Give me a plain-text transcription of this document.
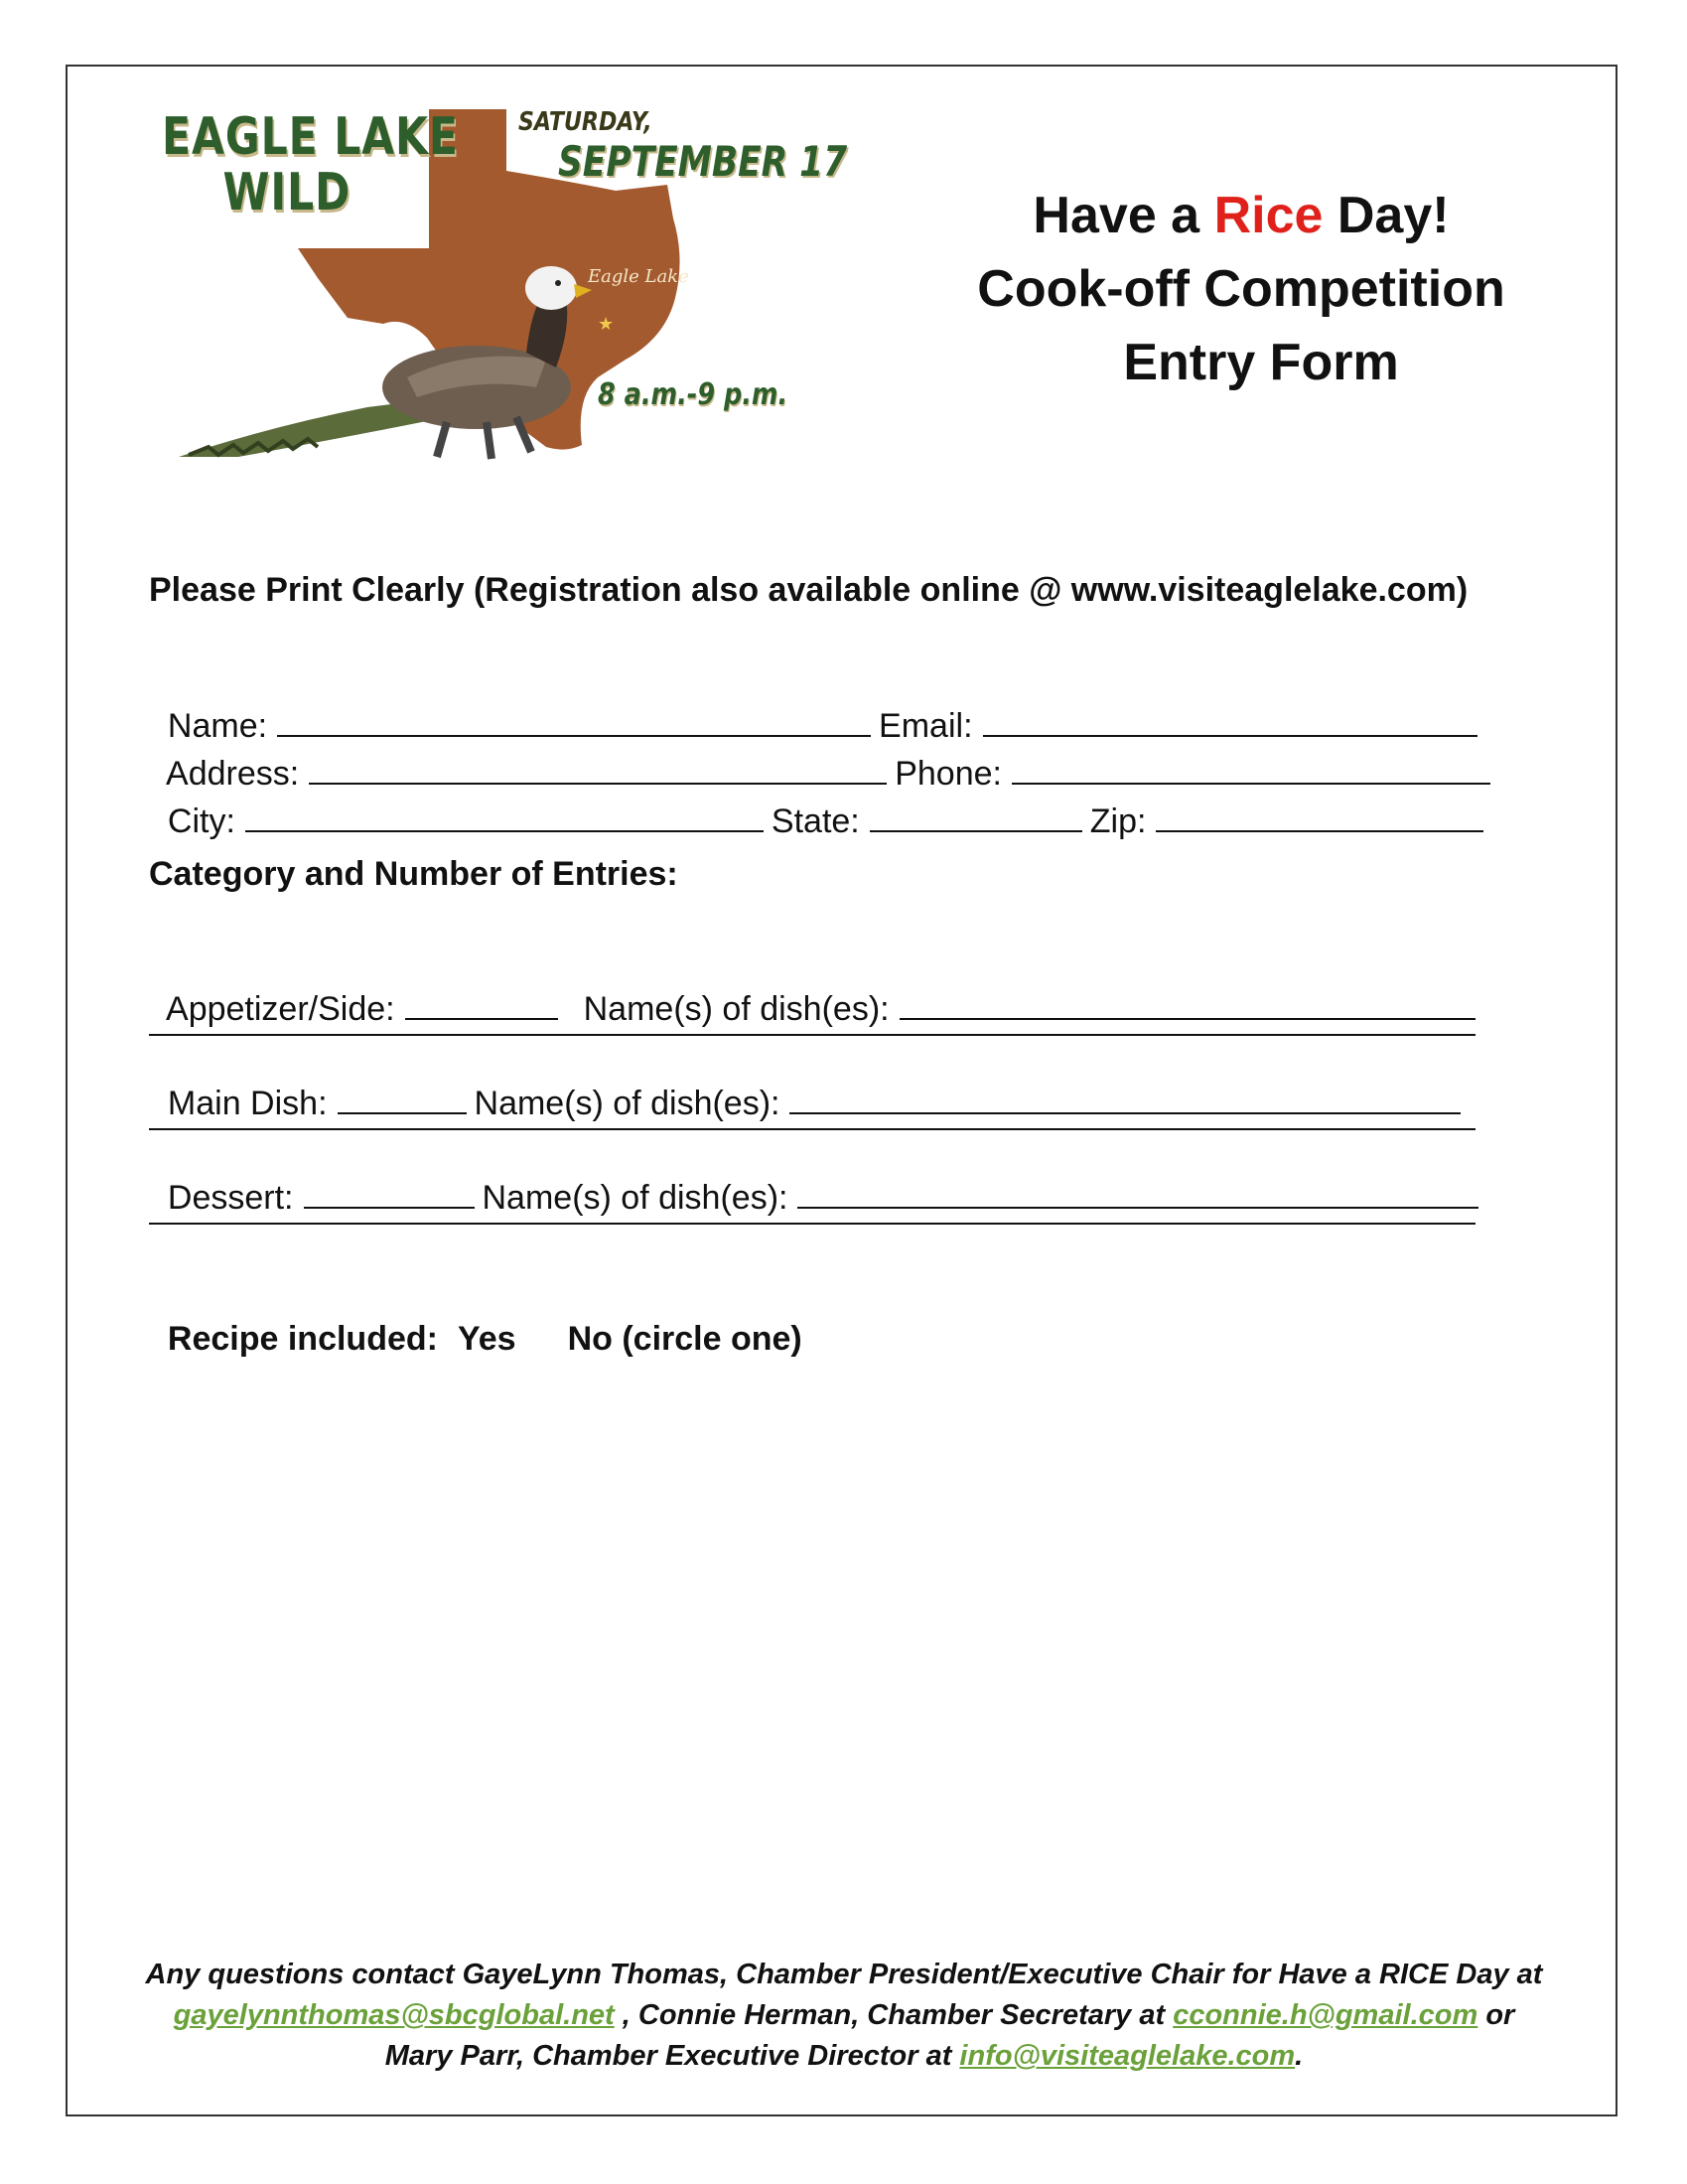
★
EAGLE LAKE
WILD
SATURDAY,
SEPTEMBER 17
Eagle Lake
8 a.m.-9 p.m.
Have a Rice Day!
Cook-off Competition
Entry Form
Please Print Clearly (Registration also available online @ www.visiteaglelake.com)

Name:	Email:

Address:	Phone:

City:	State:	Zip:

Category and Number of Entries:

Appetizer/Side:	Name(s) of dish(es):

Main Dish:	Name(s) of dish(es):

Dessert:	Name(s) of dish(es):

Recipe included: Yes No (circle one)

Any questions contact GayeLynn Thomas, Chamber President/Executive Chair for Have a RICE Day at
gayelynnthomas@sbcglobal.net , Connie Herman, Chamber Secretary at cconnie.h@gmail.com or
Mary Parr, Chamber Executive Director at info@visiteaglelake.com.
